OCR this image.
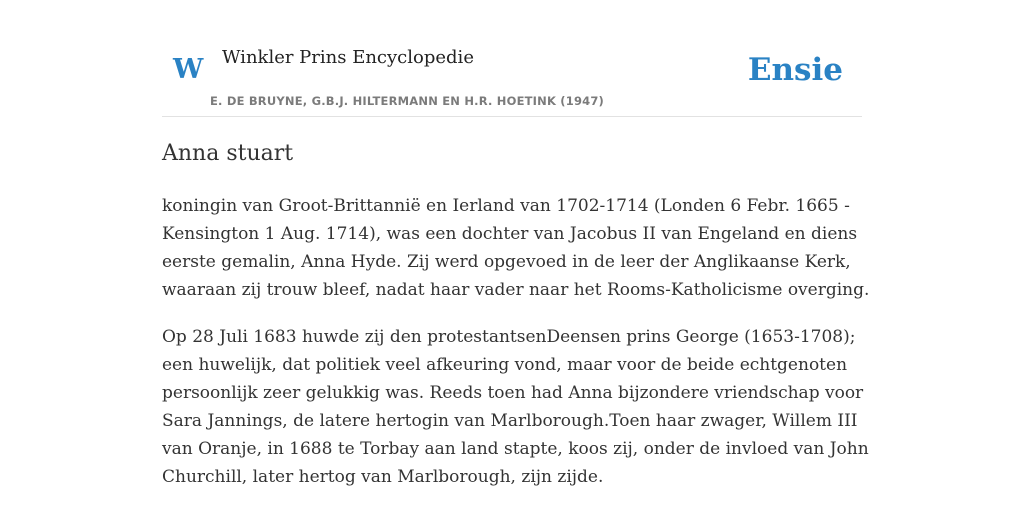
W Winkler Prins Encyclopedie
E. DE BRUYNE, G.B.J. HILTERMANN EN H.R. HOETINK (1947)
Ensie
Anna stuart

koningin van Groot-Brittannië en Ierland van 1702-1714 (Londen 6 Febr. 1665 -
Kensington 1 Aug. 1714), was een dochter van Jacobus II van Engeland en diens
eerste gemalin, Anna Hyde. Zij werd opgevoed in de leer der Anglikaanse Kerk,
waaraan zij trouw bleef, nadat haar vader naar het Rooms-Katholicisme overging.

Op 28 Juli 1683 huwde zij den protestantsenDeensen prins George (1653-1708);
een huwelijk, dat politiek veel afkeuring vond, maar voor de beide echtgenoten
persoonlijk zeer gelukkig was. Reeds toen had Anna bijzondere vriendschap voor
Sara Jannings, de latere hertogin van Marlborough.Toen haar zwager, Willem III
van Oranje, in 1688 te Torbay aan land stapte, koos zij, onder de invloed van John
Churchill, later hertog van Marlborough, zijn zijde.
